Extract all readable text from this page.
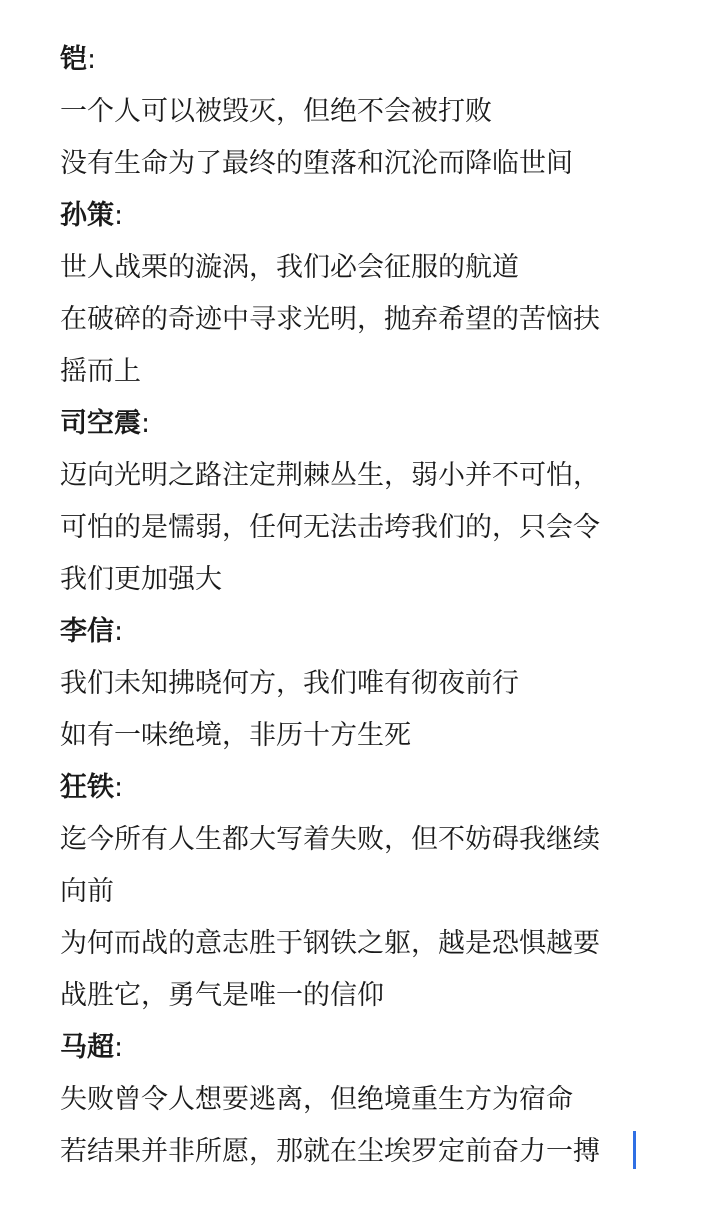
铠:
一个人可以被毁灭，但绝不会被打败
没有生命为了最终的堕落和沉沦而降临世间
孙策:
世人战栗的漩涡，我们必会征服的航道
在破碎的奇迹中寻求光明，抛弃希望的苦恼扶
摇而上
司空震:
迈向光明之路注定荆棘丛生，弱小并不可怕，
可怕的是懦弱，任何无法击垮我们的，只会令
我们更加强大
李信:
我们未知拂晓何方，我们唯有彻夜前行
如有一味绝境，非历十方生死
狂铁:
迄今所有人生都大写着失败，但不妨碍我继续
向前
为何而战的意志胜于钢铁之躯，越是恐惧越要
战胜它，勇气是唯一的信仰
马超:
失败曾令人想要逃离，但绝境重生方为宿命
若结果并非所愿，那就在尘埃罗定前奋力一搏
